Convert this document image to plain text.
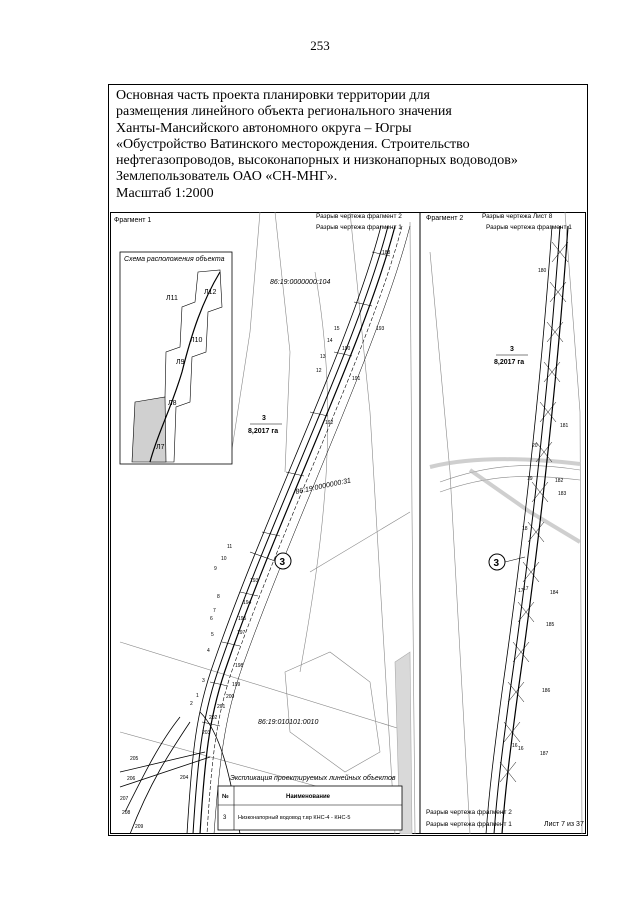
253
Основная часть проекта планировки территории для
размещения линейного объекта регионального значения
Ханты-Мансийского автономного округа – Югры
«Обустройство Ватинского месторождения. Строительство
нефтегазопроводов, высоконапорных и низконапорных водоводов»
Землепользователь ОАО «СН-МНГ».
Масштаб 1:2000
Схема расположения объекта
Л12
Л11
Л10
Л9
Л8
Л7
Фрагмент 1	Фрагмент 2
Разрыв чертежа фрагмент 2
Разрыв чертежа фрагмент 1
Разрыв чертежа Лист 8
Разрыв чертежа фрагмент 1
Разрыв чертежа фрагмент 2
Разрыв чертежа фрагмент 1	Лист 7 из 37
86:19:0000000:104
86:19:0000000:31
86:19:010101:0010
3
8,2017 га
3
8,2017 га
3	3
188
193
190
191
192
193
194
195
197
198
199
200
201
202
203
204
205
206
207
208
209
1
2
3
4
5
6
7
8
9
10
11
12
13
14
15
16
17
180
181
182
183
184
185
186
187
16
17
18
19
20
Экспликация проектируемых линейных объектов
№	Наименование
3 Низконапорный водовод т.вр КНС-4 - КНС-5
